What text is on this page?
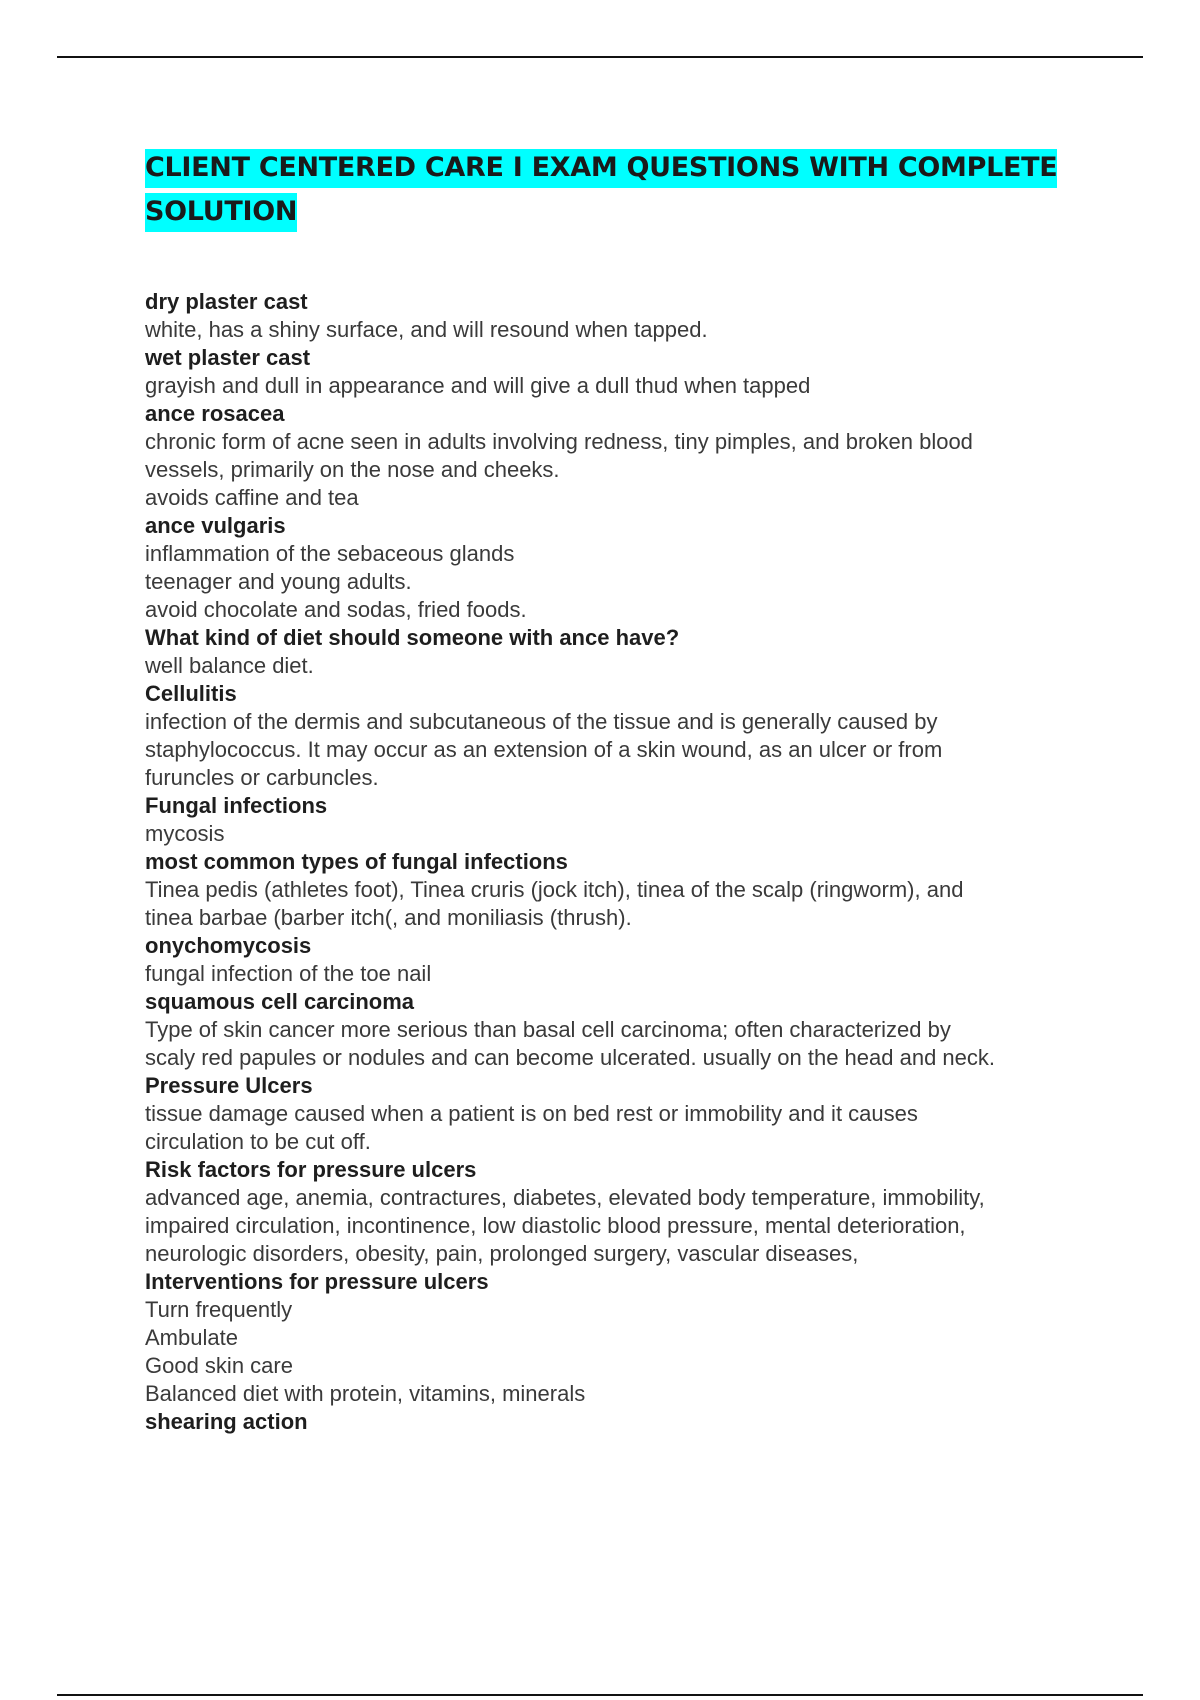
CLIENT CENTERED CARE I EXAM QUESTIONS WITH COMPLETE SOLUTION

dry plaster cast

white, has a shiny surface, and will resound when tapped.

wet plaster cast

grayish and dull in appearance and will give a dull thud when tapped

ance rosacea

chronic form of acne seen in adults involving redness, tiny pimples, and broken blood
vessels, primarily on the nose and cheeks.
avoids caffine and tea

ance vulgaris

inflammation of the sebaceous glands
teenager and young adults.
avoid chocolate and sodas, fried foods.

What kind of diet should someone with ance have?

well balance diet.

Cellulitis

infection of the dermis and subcutaneous of the tissue and is generally caused by
staphylococcus. It may occur as an extension of a skin wound, as an ulcer or from
furuncles or carbuncles.

Fungal infections

mycosis

most common types of fungal infections

Tinea pedis (athletes foot), Tinea cruris (jock itch), tinea of the scalp (ringworm), and
tinea barbae (barber itch(, and moniliasis (thrush).

onychomycosis

fungal infection of the toe nail

squamous cell carcinoma

Type of skin cancer more serious than basal cell carcinoma; often characterized by
scaly red papules or nodules and can become ulcerated. usually on the head and neck.

Pressure Ulcers

tissue damage caused when a patient is on bed rest or immobility and it causes
circulation to be cut off.

Risk factors for pressure ulcers

advanced age, anemia, contractures, diabetes, elevated body temperature, immobility,
impaired circulation, incontinence, low diastolic blood pressure, mental deterioration,
neurologic disorders, obesity, pain, prolonged surgery, vascular diseases,

Interventions for pressure ulcers

Turn frequently
Ambulate
Good skin care
Balanced diet with protein, vitamins, minerals

shearing action
